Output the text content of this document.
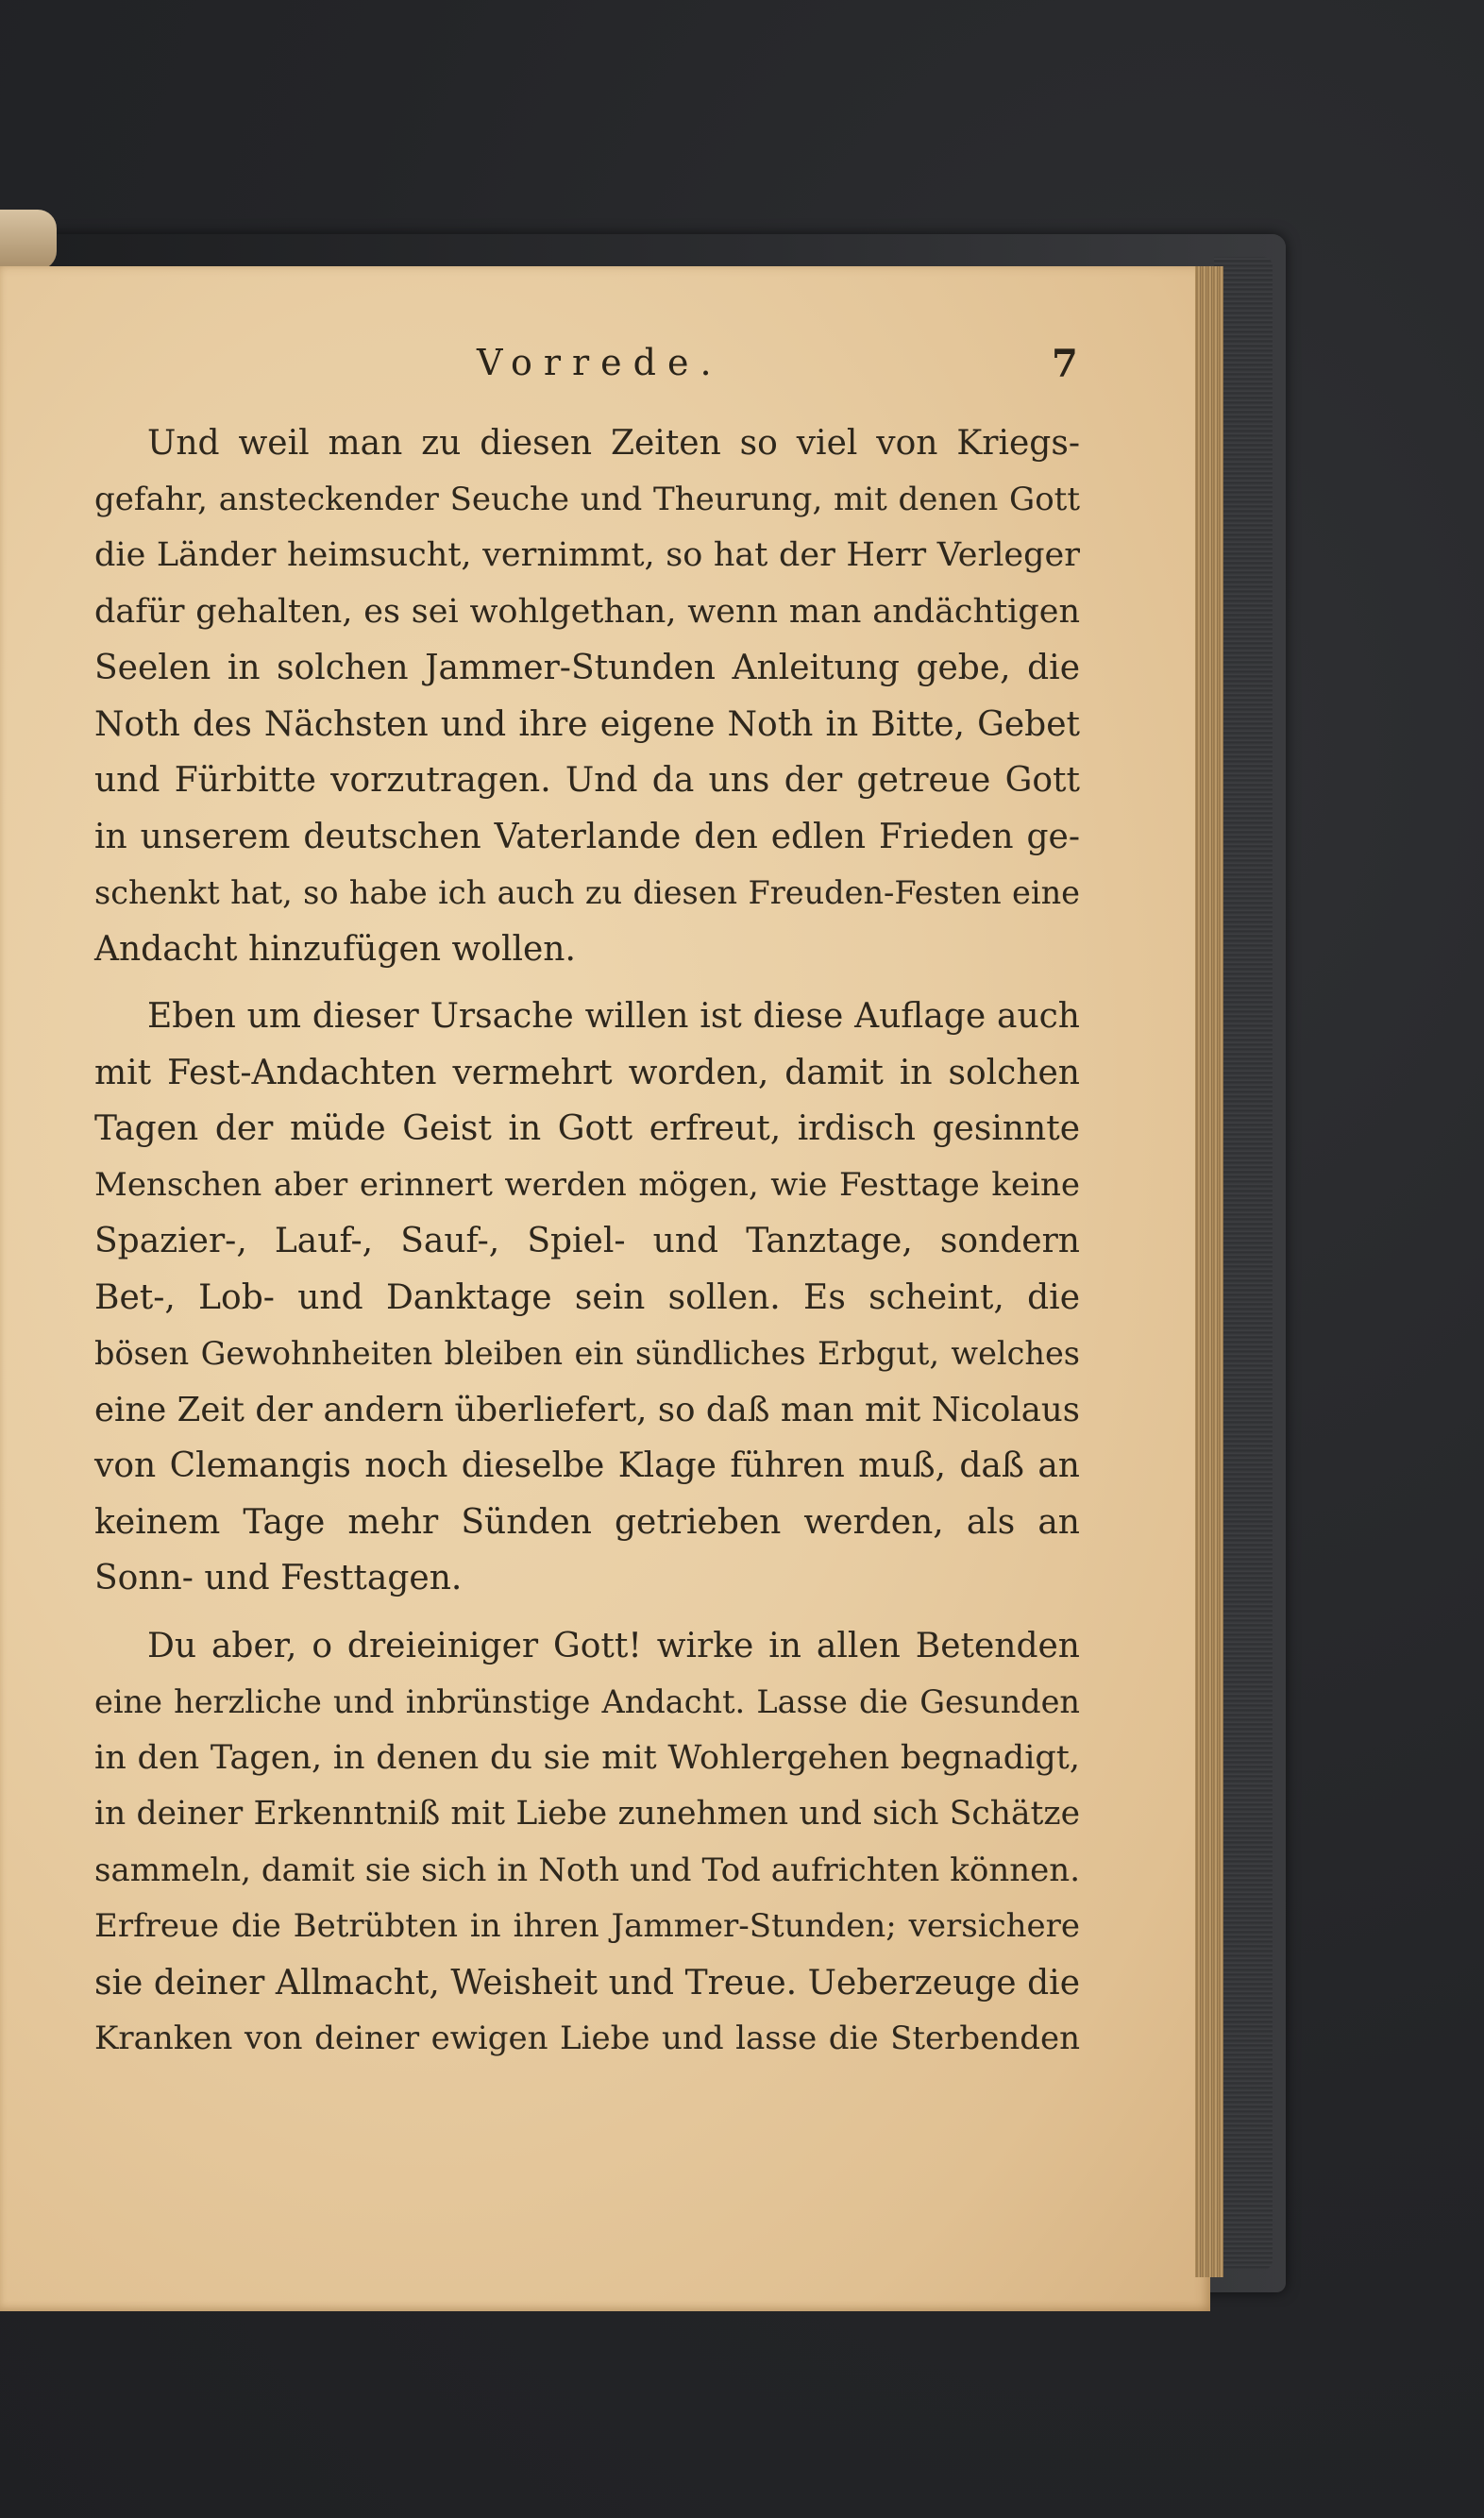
Vorrede.	7
Und weil man zu diesen Zeiten so viel von Kriegs-
gefahr, ansteckender Seuche und Theurung, mit denen Gott
die Länder heimsucht, vernimmt, so hat der Herr Verleger
dafür gehalten, es sei wohlgethan, wenn man andächtigen
Seelen in solchen Jammer-Stunden Anleitung gebe, die
Noth des Nächsten und ihre eigene Noth in Bitte, Gebet
und Fürbitte vorzutragen. Und da uns der getreue Gott
in unserem deutschen Vaterlande den edlen Frieden ge-
schenkt hat, so habe ich auch zu diesen Freuden-Festen eine
Andacht hinzufügen wollen.
Eben um dieser Ursache willen ist diese Auflage auch
mit Fest-Andachten vermehrt worden, damit in solchen
Tagen der müde Geist in Gott erfreut, irdisch gesinnte
Menschen aber erinnert werden mögen, wie Festtage keine
Spazier-, Lauf-, Sauf-, Spiel- und Tanztage, sondern
Bet-, Lob- und Danktage sein sollen. Es scheint, die
bösen Gewohnheiten bleiben ein sündliches Erbgut, welches
eine Zeit der andern überliefert, so daß man mit Nicolaus
von Clemangis noch dieselbe Klage führen muß, daß an
keinem Tage mehr Sünden getrieben werden, als an
Sonn- und Festtagen.
Du aber, o dreieiniger Gott! wirke in allen Betenden
eine herzliche und inbrünstige Andacht. Lasse die Gesunden
in den Tagen, in denen du sie mit Wohlergehen begnadigt,
in deiner Erkenntniß mit Liebe zunehmen und sich Schätze
sammeln, damit sie sich in Noth und Tod aufrichten können.
Erfreue die Betrübten in ihren Jammer-Stunden; versichere
sie deiner Allmacht, Weisheit und Treue. Ueberzeuge die
Kranken von deiner ewigen Liebe und lasse die Sterbenden
